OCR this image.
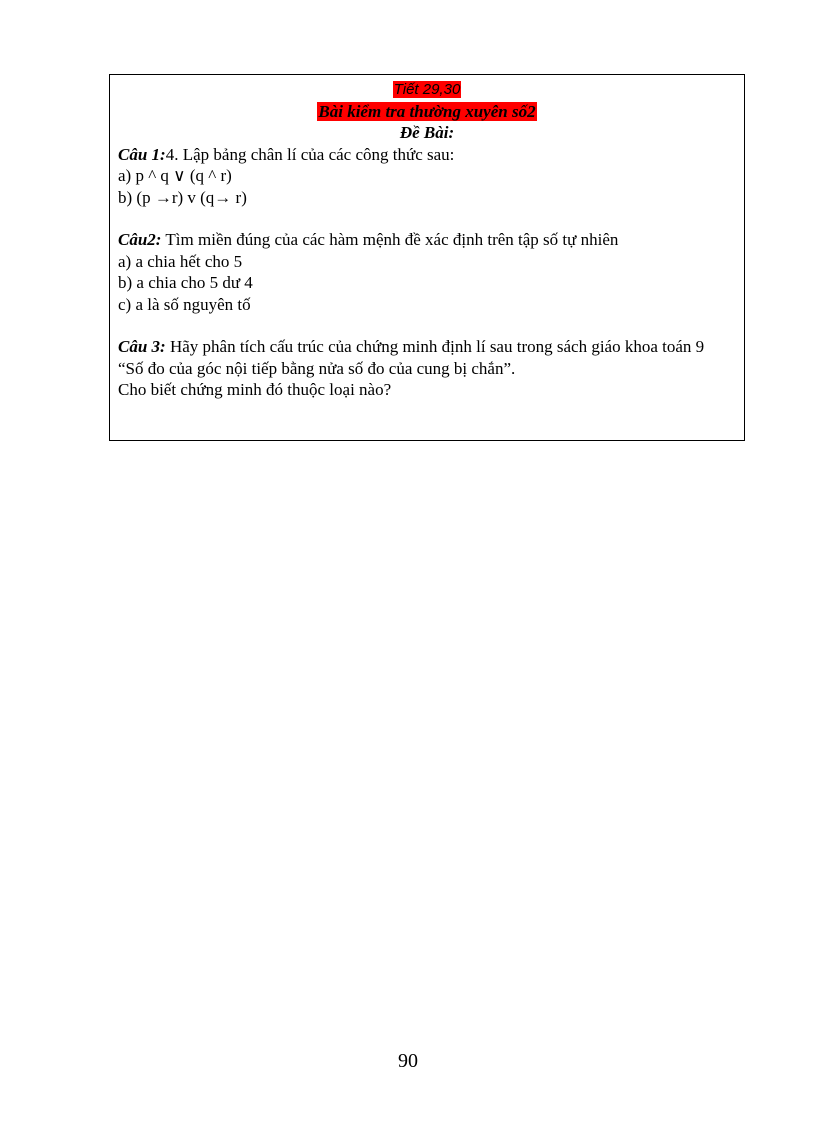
Tiết 29,30
Bài kiểm tra thường xuyên số2
Đề Bài:
Câu 1:4. Lập bảng chân lí của các công thức sau:
a) p ^ q ∨ (q ^ r)
b) (p →r) v (q→ r)
Câu2: Tìm miền đúng của các hàm mệnh đề xác định trên tập số tự nhiên
a) a chia hết cho 5
b) a chia cho 5 dư 4
c) a là số nguyên tố
Câu 3: Hãy phân tích cấu trúc của chứng minh định lí sau trong sách giáo khoa toán 9
“Số đo của góc nội tiếp bằng nửa số đo của cung bị chắn”.
Cho biết chứng minh đó thuộc loại nào?
90
